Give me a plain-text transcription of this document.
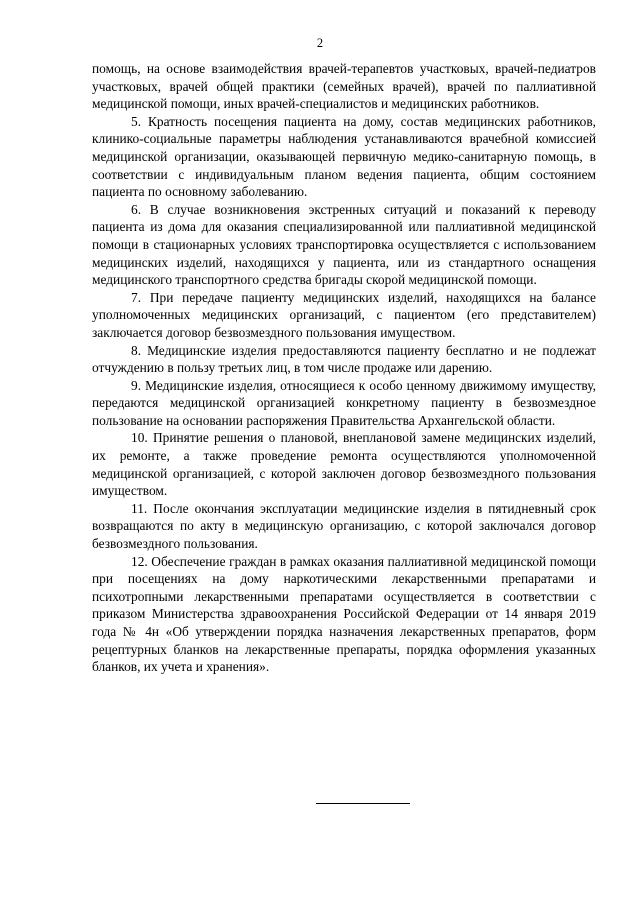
2

помощь, на основе взаимодействия врачей-терапевтов участковых, врачей-педиатров участковых, врачей общей практики (семейных врачей), врачей по паллиативной медицинской помощи, иных врачей-специалистов и медицинских работников.

5. Кратность посещения пациента на дому, состав медицинских работников, клинико-социальные параметры наблюдения устанавливаются врачебной комиссией медицинской организации, оказывающей первичную медико-санитарную помощь, в соответствии с индивидуальным планом ведения пациента, общим состоянием пациента по основному заболеванию.

6. В случае возникновения экстренных ситуаций и показаний к переводу пациента из дома для оказания специализированной или паллиативной медицинской помощи в стационарных условиях транспортировка осуществляется с использованием медицинских изделий, находящихся у пациента, или из стандартного оснащения медицинского транспортного средства бригады скорой медицинской помощи.

7. При передаче пациенту медицинских изделий, находящихся на балансе уполномоченных медицинских организаций, с пациентом (его представителем) заключается договор безвозмездного пользования имуществом.

8. Медицинские изделия предоставляются пациенту бесплатно и не подлежат отчуждению в пользу третьих лиц, в том числе продаже или дарению.

9. Медицинские изделия, относящиеся к особо ценному движимому имуществу, передаются медицинской организацией конкретному пациенту в безвозмездное пользование на основании распоряжения Правительства Архангельской области.

10. Принятие решения о плановой, внеплановой замене медицинских изделий, их ремонте, а также проведение ремонта осуществляются уполномоченной медицинской организацией, с которой заключен договор безвозмездного пользования имуществом.

11. После окончания эксплуатации медицинские изделия в пятидневный срок возвращаются по акту в медицинскую организацию, с которой заключался договор безвозмездного пользования.

12. Обеспечение граждан в рамках оказания паллиативной медицинской помощи при посещениях на дому наркотическими лекарственными препаратами и психотропными лекарственными препаратами осуществляется в соответствии с приказом Министерства здравоохранения Российской Федерации от 14 января 2019 года № 4н «Об утверждении порядка назначения лекарственных препаратов, форм рецептурных бланков на лекарственные препараты, порядка оформления указанных бланков, их учета и хранения».
